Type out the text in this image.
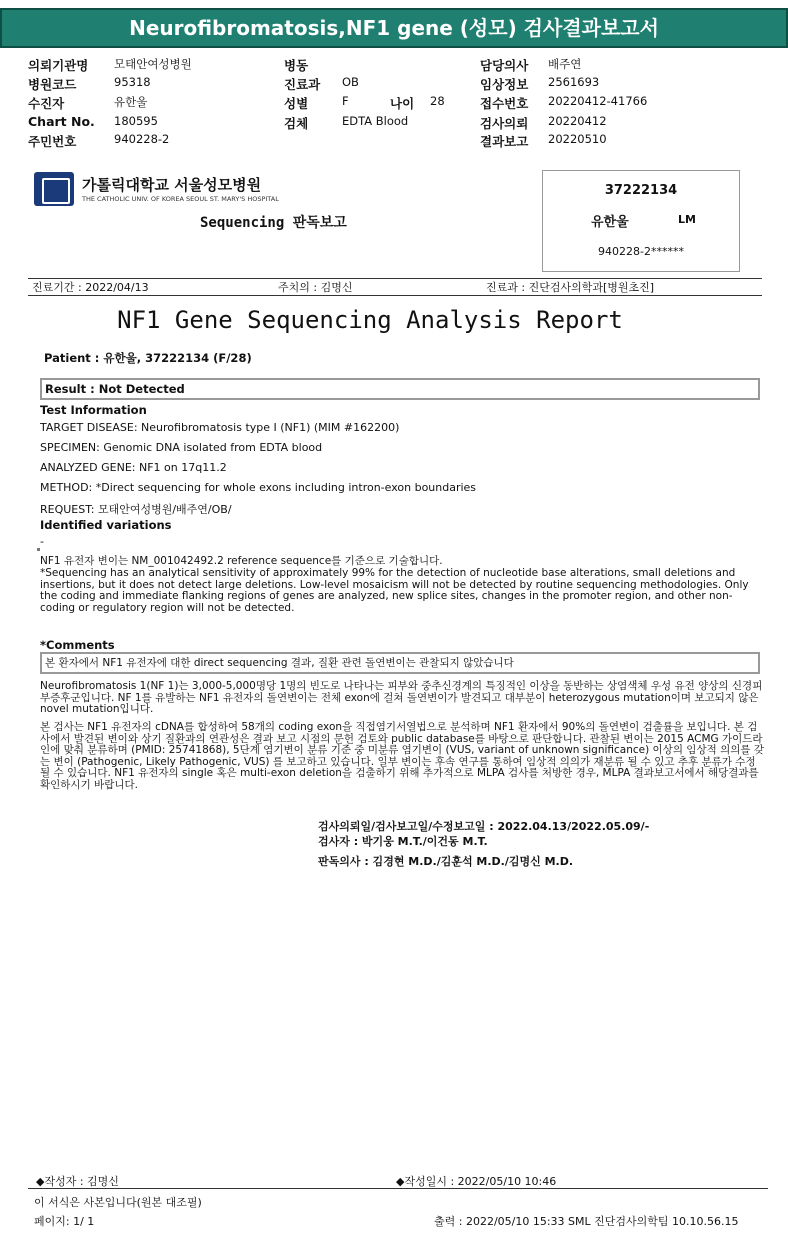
Neurofibromatosis,NF1 gene (성모) 검사결과보고서
의뢰기관명 모태안여성병원
병원코드	95318
수진자	유한울
Chart No. 180595
주민번호	940228-2
병동
진료과 OB
성별	F	나이 28
검체	EDTA Blood
담당의사 배주연
임상정보 2561693
접수번호 20220412-41766
검사의뢰 20220412
결과보고 20220510
가톨릭대학교 서울성모병원
THE CATHOLIC UNIV. OF KOREA SEOUL ST. MARY'S HOSPITAL
Sequencing 판독보고
37222134
유한울	LM
940228-2******
진료기간 : 2022/04/13	주치의 : 김명신	진료과 : 진단검사의학과[병원초진]
NF1 Gene Sequencing Analysis Report
Patient : 유한울, 37222134 (F/28)
Result : Not Detected
Test Information
TARGET DISEASE: Neurofibromatosis type I (NF1) (MIM #162200)
SPECIMEN: Genomic DNA isolated from EDTA blood
ANALYZED GENE: NF1 on 17q11.2
METHOD: *Direct sequencing for whole exons including intron-exon boundaries
REQUEST: 모태안여성병원/배주연/OB/
Identified variations
-
NF1 유전자 변이는 NM_001042492.2 reference sequence를 기준으로 기술합니다.
*Sequencing has an analytical sensitivity of approximately 99% for the detection of nucleotide base alterations, small deletions and insertions, but it does not detect large deletions. Low-level mosaicism will not be detected by routine sequencing methodologies. Only the coding and immediate flanking regions of genes are analyzed, new splice sites, changes in the promoter region, and other non-coding or regulatory region will not be detected.
*Comments
본 환자에서 NF1 유전자에 대한 direct sequencing 결과, 질환 관련 돌연변이는 관찰되지 않았습니다
Neurofibromatosis 1(NF 1)는 3,000-5,000명당 1명의 빈도로 나타나는 피부와 중추신경계의 특징적인 이상을 동반하는 상염색체 우성 유전 양상의 신경피부증후군입니다. NF 1를 유발하는 NF1 유전자의 돌연변이는 전체 exon에 걸쳐 돌연변이가 발견되고 대부분이 heterozygous mutation이며 보고되지 않은 novel mutation입니다.
본 검사는 NF1 유전자의 cDNA를 합성하여 58개의 coding exon을 직접염기서열법으로 분석하며 NF1 환자에서 90%의 돌연변이 검출률을 보입니다. 본 검사에서 발견된 변이와 상기 질환과의 연관성은 결과 보고 시점의 문헌 검토와 public database를 바탕으로 판단합니다. 관찰된 변이는 2015 ACMG 가이드라인에 맞춰 분류하며 (PMID: 25741868), 5단계 염기변이 분류 기준 중 미분류 염기변이 (VUS, variant of unknown significance) 이상의 임상적 의의를 갖는 변이 (Pathogenic, Likely Pathogenic, VUS) 를 보고하고 있습니다. 일부 변이는 후속 연구를 통하여 임상적 의의가 재분류 될 수 있고 추후 분류가 수정될 수 있습니다. NF1 유전자의 single 혹은 multi-exon deletion을 검출하기 위해 추가적으로 MLPA 검사를 처방한 경우, MLPA 결과보고서에서 해당결과를 확인하시기 바랍니다.
검사의뢰일/검사보고일/수정보고일 : 2022.04.13/2022.05.09/-
검사자 : 박기웅 M.T./이건동 M.T.
판독의사 : 김경현 M.D./김훈석 M.D./김명신 M.D.
◆작성자 : 김명신	◆작성일시 : 2022/05/10 10:46
이 서식은 사본입니다(원본 대조필)
페이지: 1/ 1	출력 : 2022/05/10 15:33 SML 진단검사의학팀 10.10.56.15
